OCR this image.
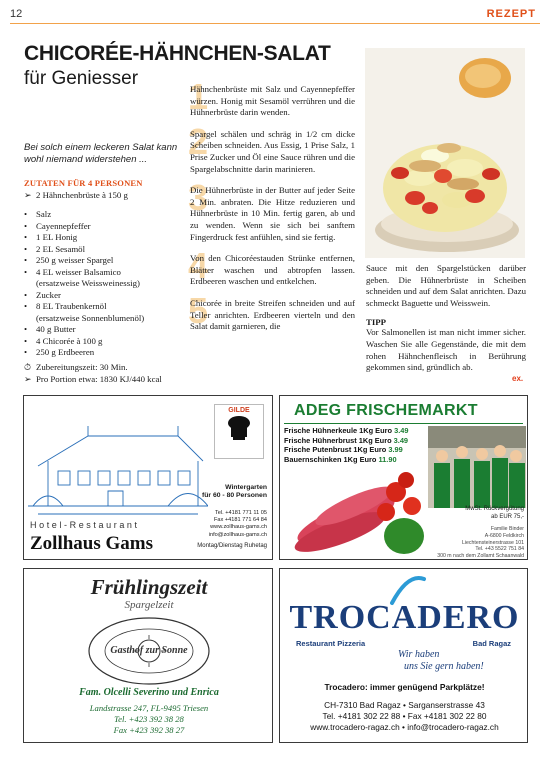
12	REZEPT
CHICORÉE-HÄHNCHEN-SALAT
für Geniesser
Bei solch einem leckeren Salat kann wohl niemand widerstehen ...
ZUTATEN FÜR 4 PERSONEN
➢ 2 Hähnchenbrüste à 150 g
• Salz
• Cayennepfeffer
• 1 EL Honig
• 2 EL Sesamöl
• 250 g weisser Spargel
• 4 EL weisser Balsamico
(ersatzweise Weissweinessig)
• Zucker
• 8 EL Traubenkernöl
(ersatzweise Sonnenblumenöl)
• 40 g Butter
• 4 Chicorée à 100 g
• 250 g Erdbeeren
⏱ Zubereitungszeit: 30 Min.
➢ Pro Portion etwa: 1830 KJ/440 kcal
1
Hähnchenbrüste mit Salz und Cayennepfeffer würzen. Honig mit Sesamöl verrühren und die Hühnerbrüste darin wenden.
2
Spargel schälen und schräg in 1/2 cm dicke Scheiben schneiden. Aus Essig, 1 Prise Salz, 1 Prise Zucker und Öl eine Sauce rühren und die Spargelabschnitte darin marinieren.
3
Die Hühnerbrüste in der Butter auf jeder Seite 2 Min. anbraten. Die Hitze reduzieren und Hühnerbrüste in 10 Min. fertig garen, ab und zu wenden. Wenn sie sich bei sanftem Fingerdruck fest anfühlen, sind sie fertig.
4
Von den Chicoréestauden Strünke entfernen, Blätter waschen und abtropfen lassen. Erdbeeren waschen und entkelchen.
5
Chicorée in breite Streifen schneiden und auf Teller anrichten. Erdbeeren vierteln und den Salat damit garnieren, die
Sauce mit den Spargelstücken darüber geben. Die Hühnerbrüste in Scheiben schneiden und auf dem Salat anrichten. Dazu schmeckt Baguette und Weisswein.
TIPP
Vor Salmonellen ist man nicht immer sicher. Waschen Sie alle Gegenstände, die mit dem rohen Hähnchenfleisch in Berührung gekommen sind, gründlich ab.
ex.
GILDE
Wintergarten
für 60 - 80 Personen
Tel. +4181 771 11 05
Fax +4181 771 64 84
www.zollhaus-gams.ch
info@zollhaus-gams.ch
Hotel-Restaurant
Zollhaus Gams	Montag/Dienstag Ruhetag
ADEG FRISCHEMARKT
Frische Hühnerkeule 1Kg Euro 3.49
Frische Hühnerbrust 1Kg Euro 3.49
Frische Putenbrust 1Kg Euro 3.99
Bauernschinken 1Kg Euro 11.90
MwSt. Rückvergütung
ab EUR 75,-
Familie Binder
A-6800 Feldkirch
Liechtensteinerstrasse 101
Tel. +43 5522 751 84
300 m nach dem Zollamt Schaanwald
Frühlingszeit
Spargelzeit
Gasthof zur Sonne
Fam. Olcelli Severino und Enrica
Landstrasse 247, FL-9495 Triesen
Tel. +423 392 38 28
Fax +423 392 38 27
TROCADERO
Restaurant Pizzeria	Bad Ragaz
Wir haben
uns Sie gern haben!
Trocadero: immer genügend Parkplätze!
CH-7310 Bad Ragaz • Sarganserstrasse 43
Tel. +4181 302 22 88 • Fax +4181 302 22 80
www.trocadero-ragaz.ch • info@trocadero-ragaz.ch
